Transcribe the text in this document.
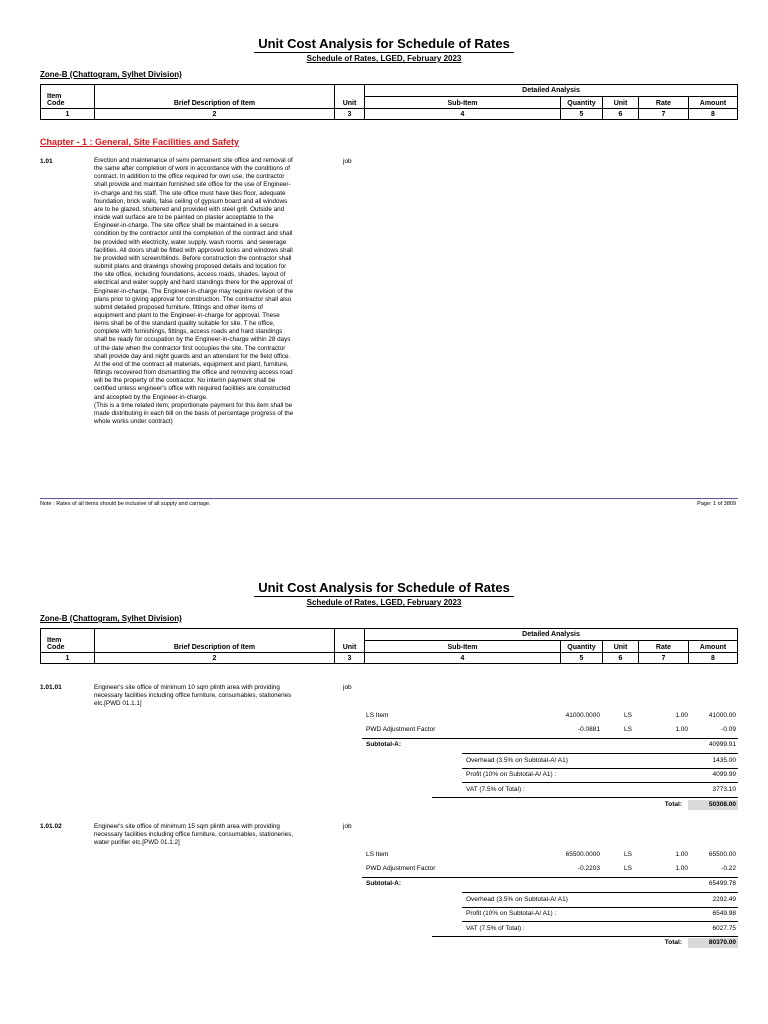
Unit Cost Analysis for Schedule of Rates
Schedule of Rates, LGED, February 2023
Zone-B (Chattogram, Sylhet Division)
Item
Code	Brief Description of Item	Unit	Detailed Analysis				
			Sub-Item	Quantity	Unit	Rate	Amount
1	2	3	4	5	6	7	8
Chapter - 1 : General, Site Facilities and Safety
1.01	Erection and maintenance of semi permanent site office and removal of
the same after completion of work in accordance with the conditions of
contract. In addition to the office required for own use, the contractor
shall provide and maintain furnished site office for the use of Engineer-
in-charge and his staff. The site office must have tiles floor, adequate
foundation, brick walls, false ceiling of gypsum board and all windows
are to be glazed, shuttered and provided with steel grill. Outside and
inside wall surface are to be painted on plaster acceptable to the
Engineer-in-charge. The site office shall be maintained in a secure
condition by the contractor until the completion of the contract and shall
be provided with electricity, water supply, wash rooms  and sewerage
facilities. All doors shall be fitted with approved locks and windows shall
be provided with screen/blinds. Before construction the contractor shall
submit plans and drawings showing proposed details and location for
the site office, including foundations, access roads, shades, layout of
electrical and water supply and hard standings there for the approval of
Engineer-in-charge. The Engineer-in-charge may require revision of the
plans prior to giving approval for construction. The contractor shall also
submit detailed proposed furniture, fittings and other items of
equipment and plant to the Engineer-in-charge for approval. These
items shall be of the standard quality suitable for site. T he office,
complete with furnishings, fittings, access roads and hard standings
shall be ready for occupation by the Engineer-in-charge within 28 days
of the date when the contractor first occupies the site. The contractor
shall provide day and night guards and an attendant for the field office.
At the end of the contract all materials, equipment and plant, furniture,
fittings recovered from dismantling the office and removing access road
will be the property of the contractor. No interim payment shall be
certified unless engineer's office with required facilities are constructed
and accepted by the Engineer-in-charge.
(This is a time related item; proportionate payment for this item shall be
made distributing in each bill on the basis of percentage progress of the
whole works under contract)
job
Note : Rates of all items should be inclusive of all supply and carriage.	Page: 1 of 3809
Unit Cost Analysis for Schedule of Rates
Schedule of Rates, LGED, February 2023
Zone-B (Chattogram, Sylhet Division)
Item
Code	Brief Description of Item	Unit	Detailed Analysis				
			Sub-Item	Quantity	Unit	Rate	Amount
1	2	3	4	5	6	7	8
1.01.01	Engineer's site office of minimum 10 sqm plinth area with providing
necessary facilities including office furniture, consumables, stationeries
etc.[PWD 01.1.1]
job
LS Item	41000.0000	LS	1.00	41000.00
PWD Adjustment Factor	-0.0881	LS	1.00	-0.09
Subtotal-A:	40999.91
Overhead (3.5% on Subtotal-A/ A1)	1435.00
Profit (10% on Subtotal-A/ A1) :	4099.99
VAT (7.5% of Total) :	3773.10
Total:	50308.00
1.01.02	Engineer's site office of minimum 15 sqm plinth area with providing
necessary facilities including office furniture, consumables, stationeries,
water purifier etc.[PWD 01.1.2]
job
LS Item	65500.0000	LS	1.00	65500.00
PWD Adjustment Factor	-0.2203	LS	1.00	-0.22
Subtotal-A:	65499.78
Overhead (3.5% on Subtotal-A/ A1)	2292.49
Profit (10% on Subtotal-A/ A1) :	6549.98
VAT (7.5% of Total) :	6027.75
Total:	80370.00
